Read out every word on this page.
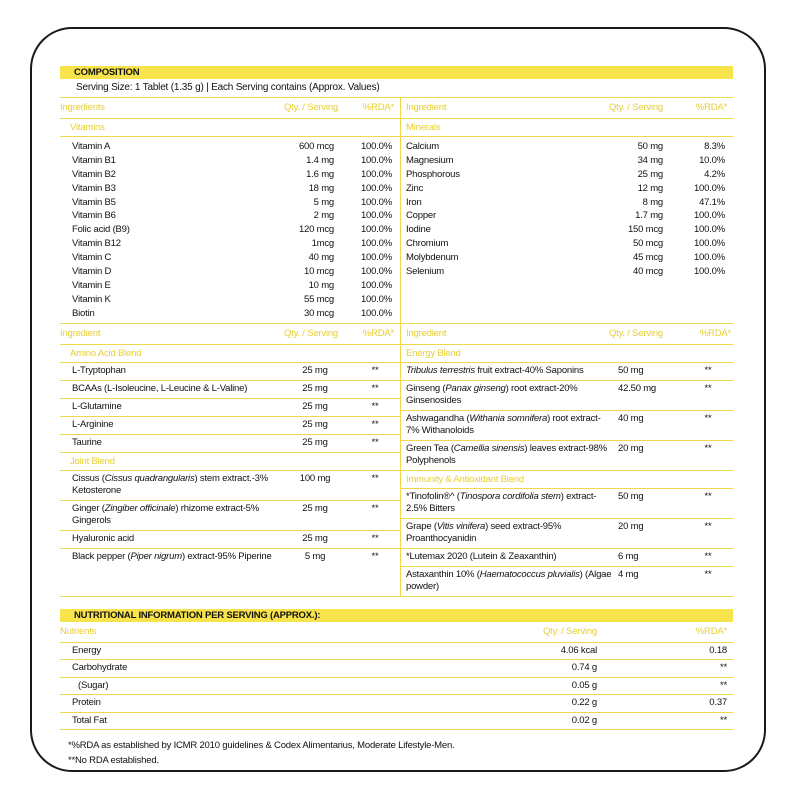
COMPOSITION
Serving Size: 1 Tablet (1.35 g) | Each Serving contains (Approx. Values)
Ingredients	Qty. / Serving	%RDA*
Vitamins
Vitamin A	600 mcg	100.0%
Vitamin B1	1.4 mg	100.0%
Vitamin B2	1.6 mg	100.0%
Vitamin B3	18 mg	100.0%
Vitamin B5	5 mg	100.0%
Vitamin B6	2 mg	100.0%
Folic acid (B9)	120 mcg	100.0%
Vitamin B12	1mcg	100.0%
Vitamin C	40 mg	100.0%
Vitamin D	10 mcg	100.0%
Vitamin E	10 mg	100.0%
Vitamin K	55 mcg	100.0%
Biotin	30 mcg	100.0%
Ingredient	Qty. / Serving	%RDA*
Minerals
Calcium	50 mg	8.3%
Magnesium	34 mg	10.0%
Phosphorous	25 mg	4.2%
Zinc	12 mg	100.0%
Iron	8 mg	47.1%
Copper	1.7 mg	100.0%
Iodine	150 mcg	100.0%
Chromium	50 mcg	100.0%
Molybdenum	45 mcg	100.0%
Selenium	40 mcg	100.0%
Ingredient	Qty. / Serving	%RDA*
Amino Acid Blend
L-Tryptophan	25 mg	**
BCAAs (L-Isoleucine, L-Leucine & L-Valine)	25 mg	**
L-Glutamine	25 mg	**
L-Arginine	25 mg	**
Taurine	25 mg	**
Joint Blend
Cissus (Cissus quadrangularis) stem extract.-3% Ketosterone
100 mg	**
Ginger (Zingiber officinale) rhizome extract-5% Gingerols
25 mg	**
Hyaluronic acid	25 mg	**
Black pepper (Piper nigrum) extract-95% Piperine	5 mg	**
Ingredient	Qty. / Serving	%RDA*
Energy Blend
Tribulus terrestris fruit extract-40% Saponins	50 mg	**
Ginseng (Panax ginseng) root extract-20% Ginsenosides
42.50 mg	**
Ashwagandha (Withania somnifera) root extract-7% Withanoloids
40 mg	**
Green Tea (Camellia sinensis) leaves extract-98% Polyphenols
20 mg	**
Immunity & Antioxidant Blend
*Tinofolin®^ (Tinospora cordifolia stem) extract-2.5% Bitters
50 mg	**
Grape (Vitis vinifera) seed extract-95% Proanthocyanidin
20 mg	**
*Lutemax 2020 (Lutein & Zeaxanthin)	6 mg	**
Astaxanthin 10% (Haematococcus pluvialis) (Algae powder)
4 mg	**
NUTRITIONAL INFORMATION PER SERVING (APPROX.):
Nutrients	Qty. / Serving	%RDA*
Energy	4.06 kcal	0.18
Carbohydrate	0.74 g	**
(Sugar)	0.05 g	**
Protein	0.22 g	0.37
Total Fat	0.02 g	**
*%RDA as established by ICMR 2010 guidelines & Codex Alimentarius, Moderate Lifestyle-Men.
**No RDA established.
